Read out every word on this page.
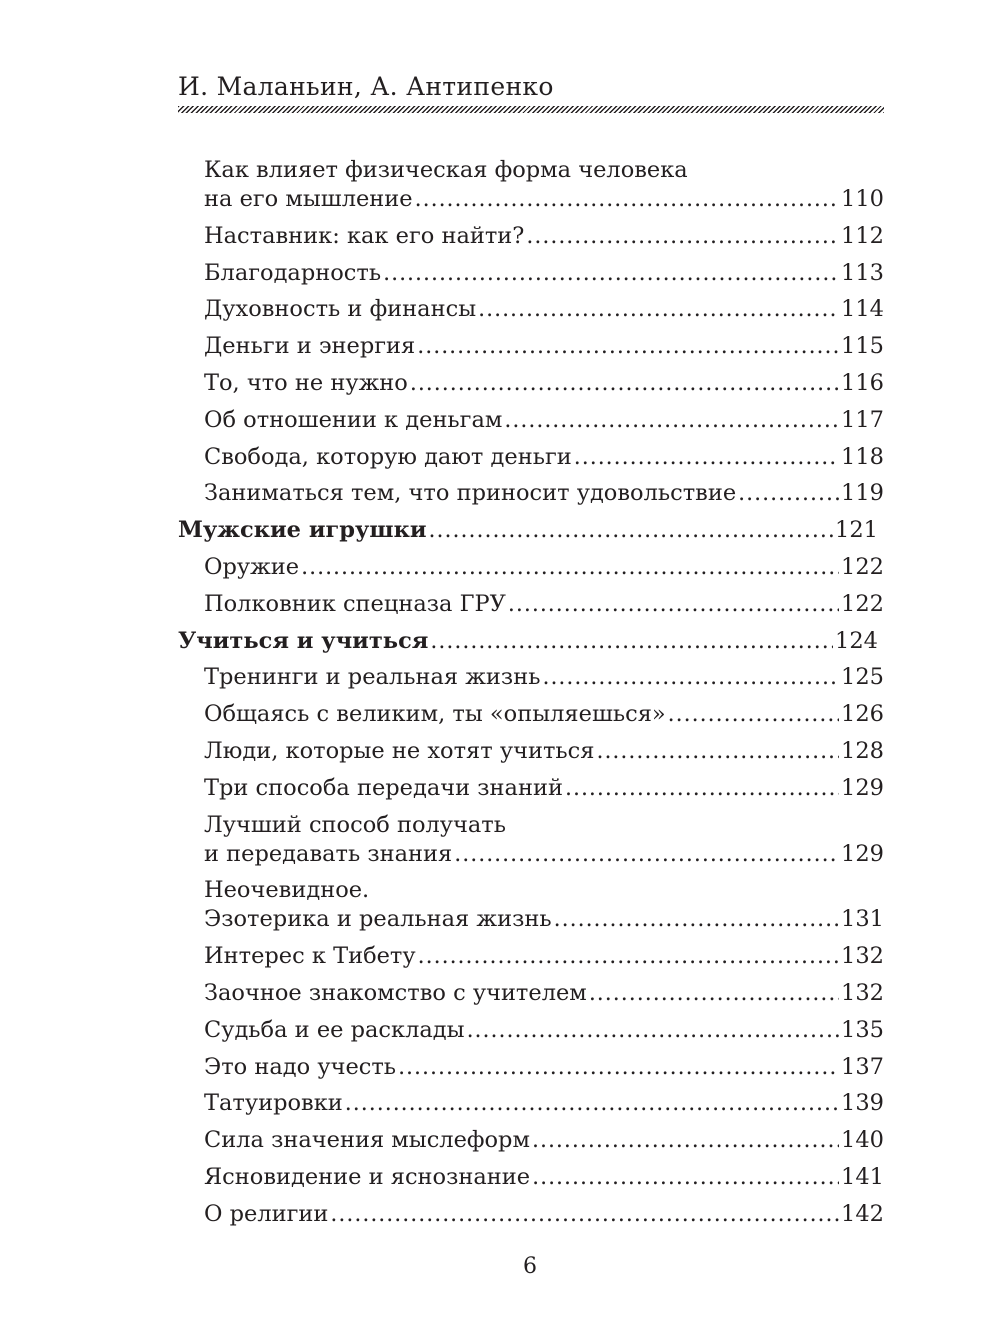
И. Маланьин, А. Антипенко
Как влияет физическая форма человека
на его мышление . . .	110
Наставник: как его найти? . . .	112
Благодарность . . .	113
Духовность и финансы . . .	114
Деньги и энергия . . .	115
То, что не нужно . . .	116
Об отношении к деньгам . . .	117
Свобода, которую дают деньги . . .	118
Заниматься тем, что приносит удовольствие . . .	119
Мужские игрушки . . .	121
Оружие . . .	122
Полковник спецназа ГРУ . . .	122
Учиться и учиться . . .	124
Тренинги и реальная жизнь . . .	125
Общаясь с великим, ты «опыляешься» . . .	126
Люди, которые не хотят учиться . . .	128
Три способа передачи знаний . . .	129
Лучший способ получать
и передавать знания . . .	129
Неочевидное.
Эзотерика и реальная жизнь . . .	131
Интерес к Тибету . . .	132
Заочное знакомство с учителем . . .	132
Судьба и ее расклады . . .	135
Это надо учесть . . .	137
Татуировки . . .	139
Сила значения мыслеформ . . .	140
Ясновидение и яснознание . . .	141
О религии . . .	142
6
